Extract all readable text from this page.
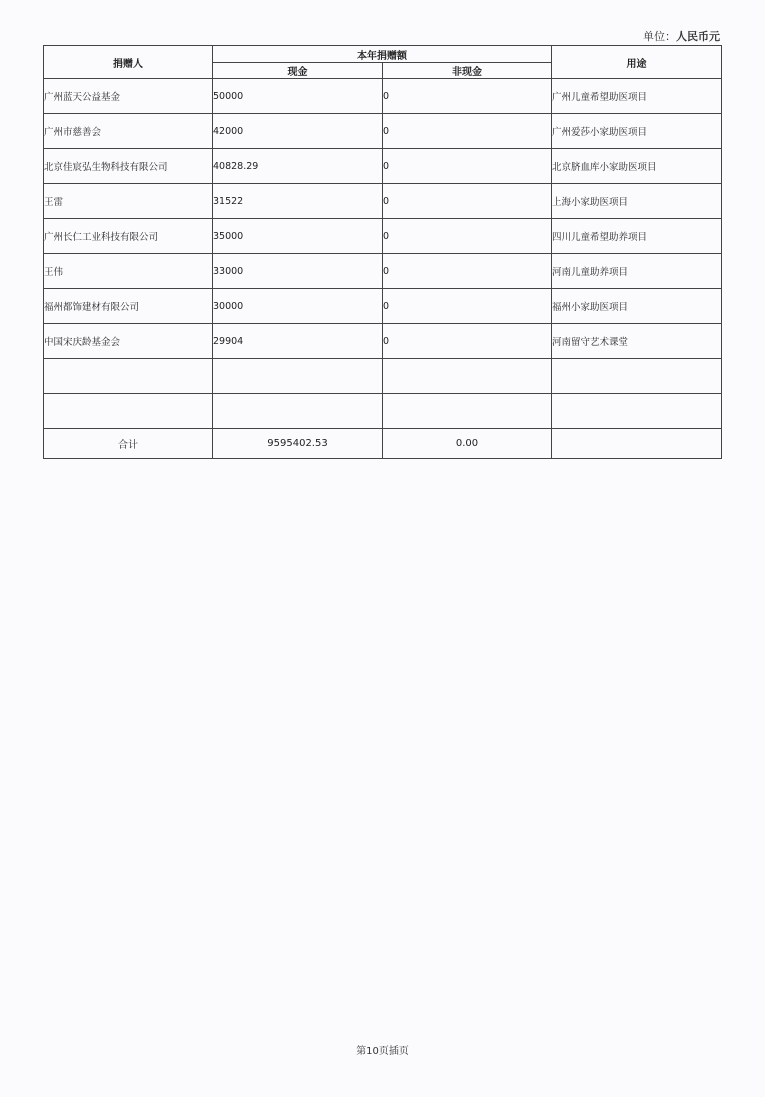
单位：人民币元
捐赠人	本年捐赠额		用途
	现金	非现金	
广州蓝天公益基金	50000	0	广州儿童希望助医项目
广州市慈善会	42000	0	广州爱莎小家助医项目
北京佳宸弘生物科技有限公司	40828.29	0	北京脐血库小家助医项目
王雷	31522	0	上海小家助医项目
广州长仁工业科技有限公司	35000	0	四川儿童希望助养项目
王伟	33000	0	河南儿童助养项目
福州都饰建材有限公司	30000	0	福州小家助医项目
中国宋庆龄基金会	29904	0	河南留守艺术课堂

合计	9595402.53	0.00	
第10页插页
